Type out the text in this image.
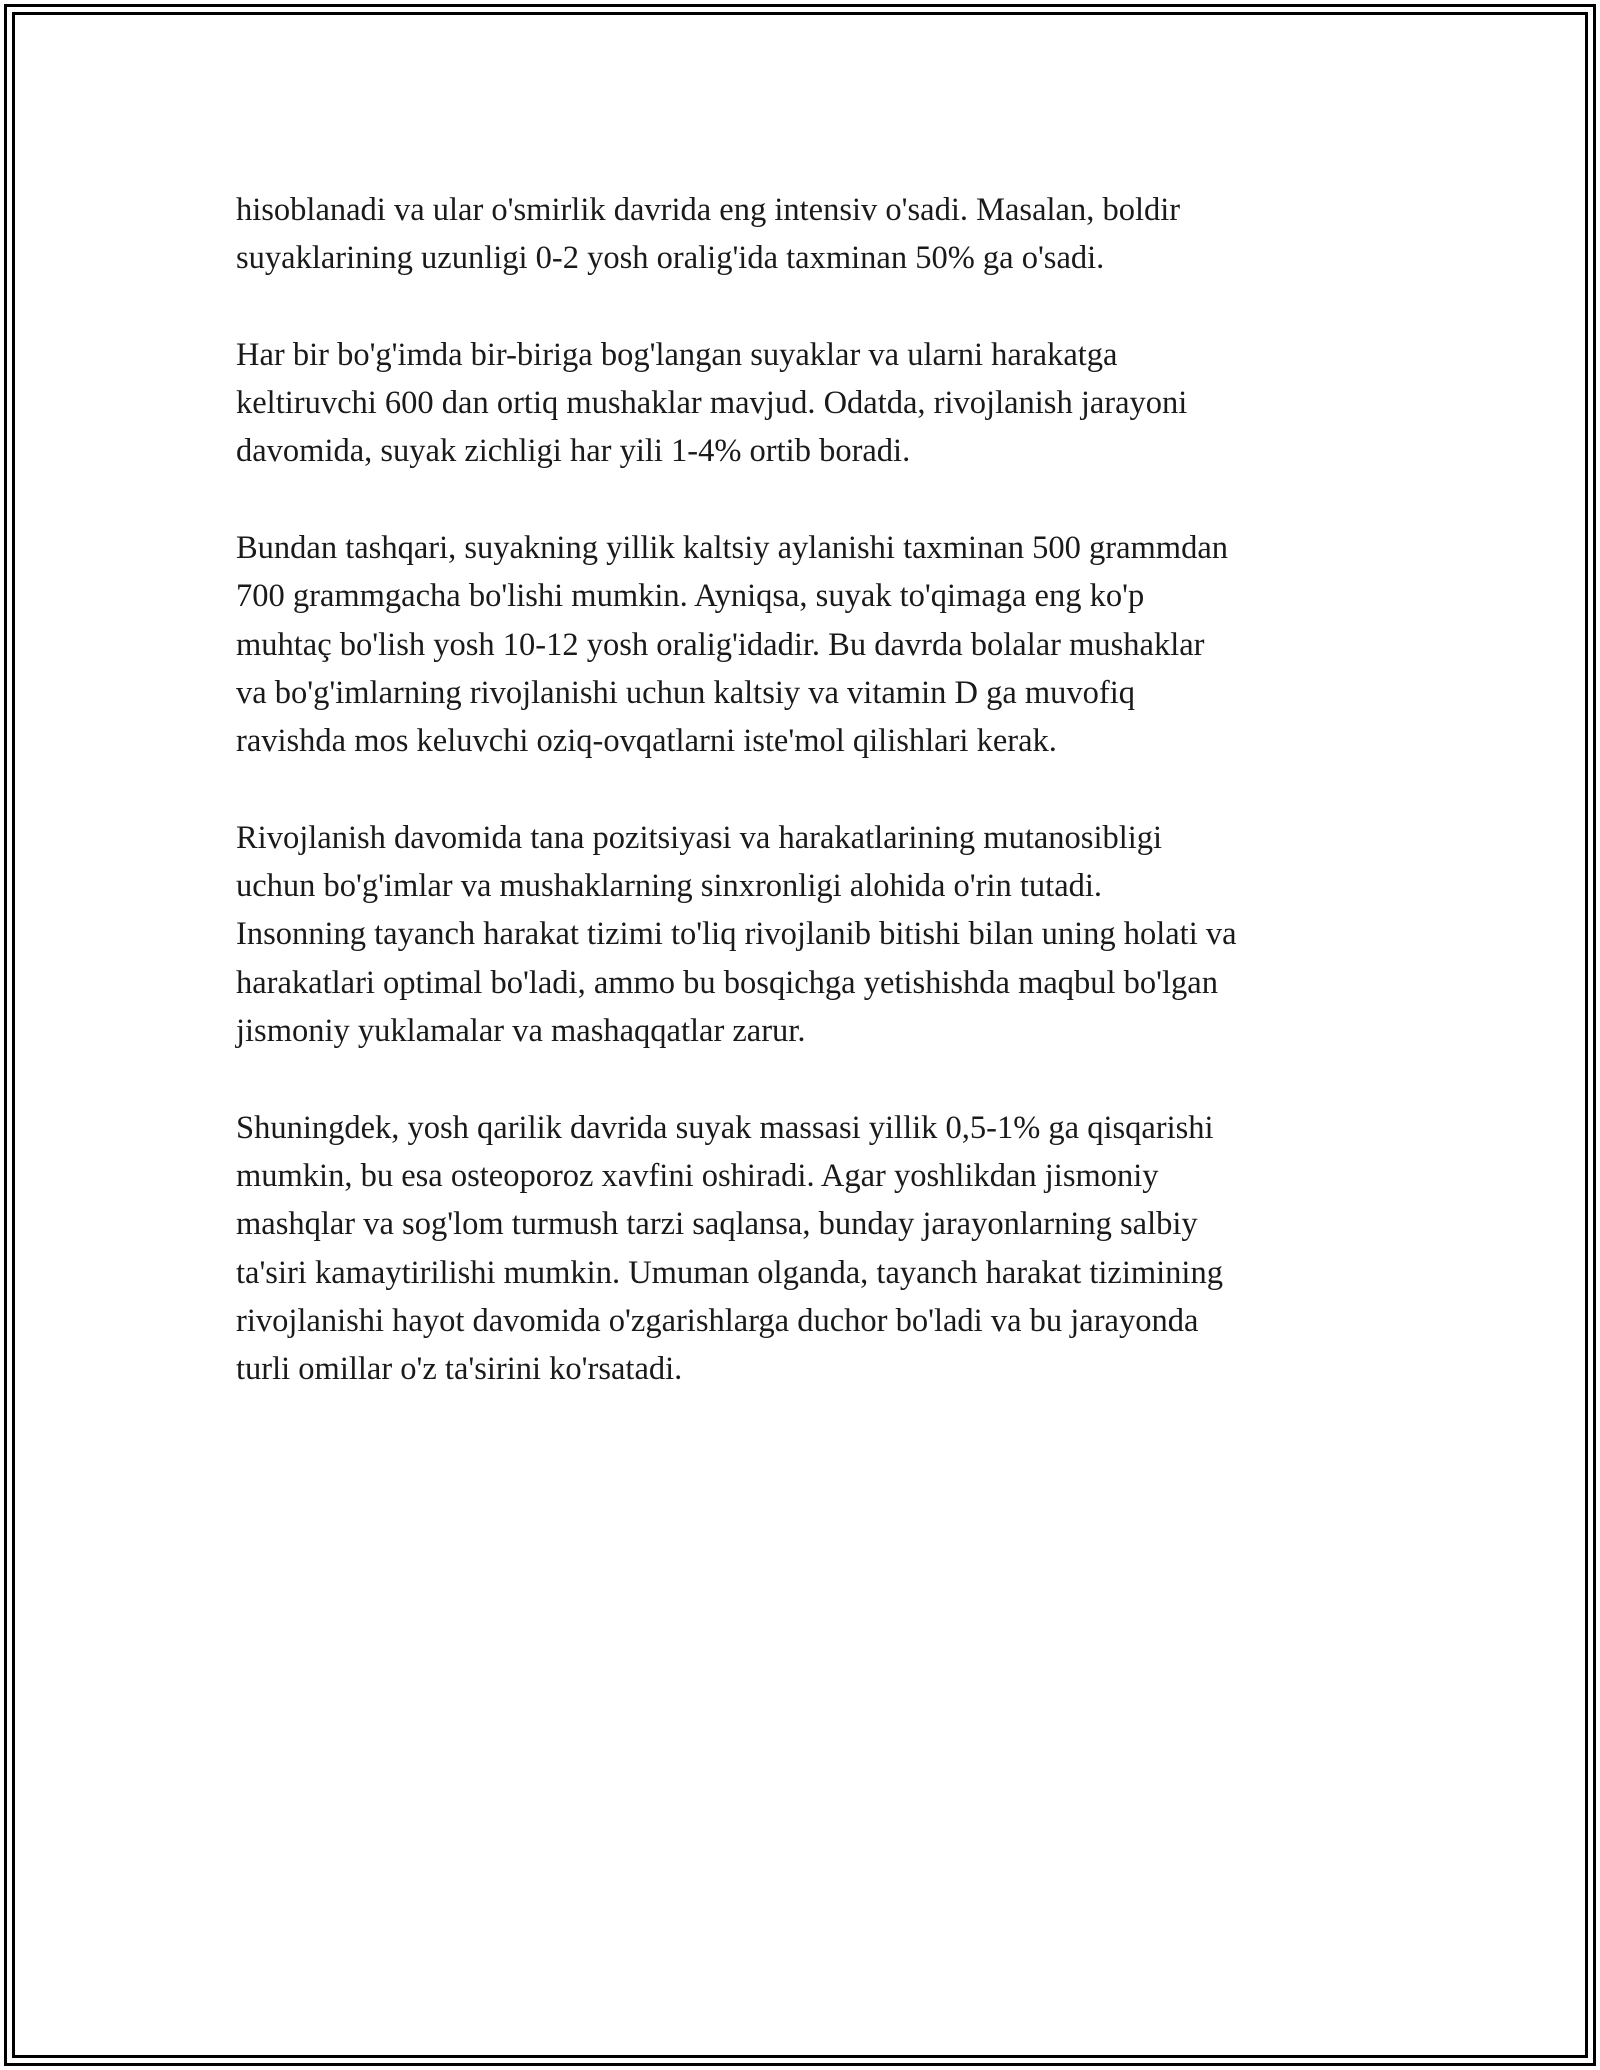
hisoblanadi va ular o'smirlik davrida eng intensiv o'sadi. Masalan, boldir
suyaklarining uzunligi 0-2 yosh oralig'ida taxminan 50% ga o'sadi.

Har bir bo'g'imda bir-biriga bog'langan suyaklar va ularni harakatga
keltiruvchi 600 dan ortiq mushaklar mavjud. Odatda, rivojlanish jarayoni
davomida, suyak zichligi har yili 1-4% ortib boradi.

Bundan tashqari, suyakning yillik kaltsiy aylanishi taxminan 500 grammdan
700 grammgacha bo'lishi mumkin. Ayniqsa, suyak to'qimaga eng ko'p
muhtaç bo'lish yosh 10-12 yosh oralig'idadir. Bu davrda bolalar mushaklar
va bo'g'imlarning rivojlanishi uchun kaltsiy va vitamin D ga muvofiq
ravishda mos keluvchi oziq-ovqatlarni iste'mol qilishlari kerak.

Rivojlanish davomida tana pozitsiyasi va harakatlarining mutanosibligi
uchun bo'g'imlar va mushaklarning sinxronligi alohida o'rin tutadi.
Insonning tayanch harakat tizimi to'liq rivojlanib bitishi bilan uning holati va
harakatlari optimal bo'ladi, ammo bu bosqichga yetishishda maqbul bo'lgan
jismoniy yuklamalar va mashaqqatlar zarur.

Shuningdek, yosh qarilik davrida suyak massasi yillik 0,5-1% ga qisqarishi
mumkin, bu esa osteoporoz xavfini oshiradi. Agar yoshlikdan jismoniy
mashqlar va sog'lom turmush tarzi saqlansa, bunday jarayonlarning salbiy
ta'siri kamaytirilishi mumkin. Umuman olganda, tayanch harakat tizimining
rivojlanishi hayot davomida o'zgarishlarga duchor bo'ladi va bu jarayonda
turli omillar o'z ta'sirini ko'rsatadi.
